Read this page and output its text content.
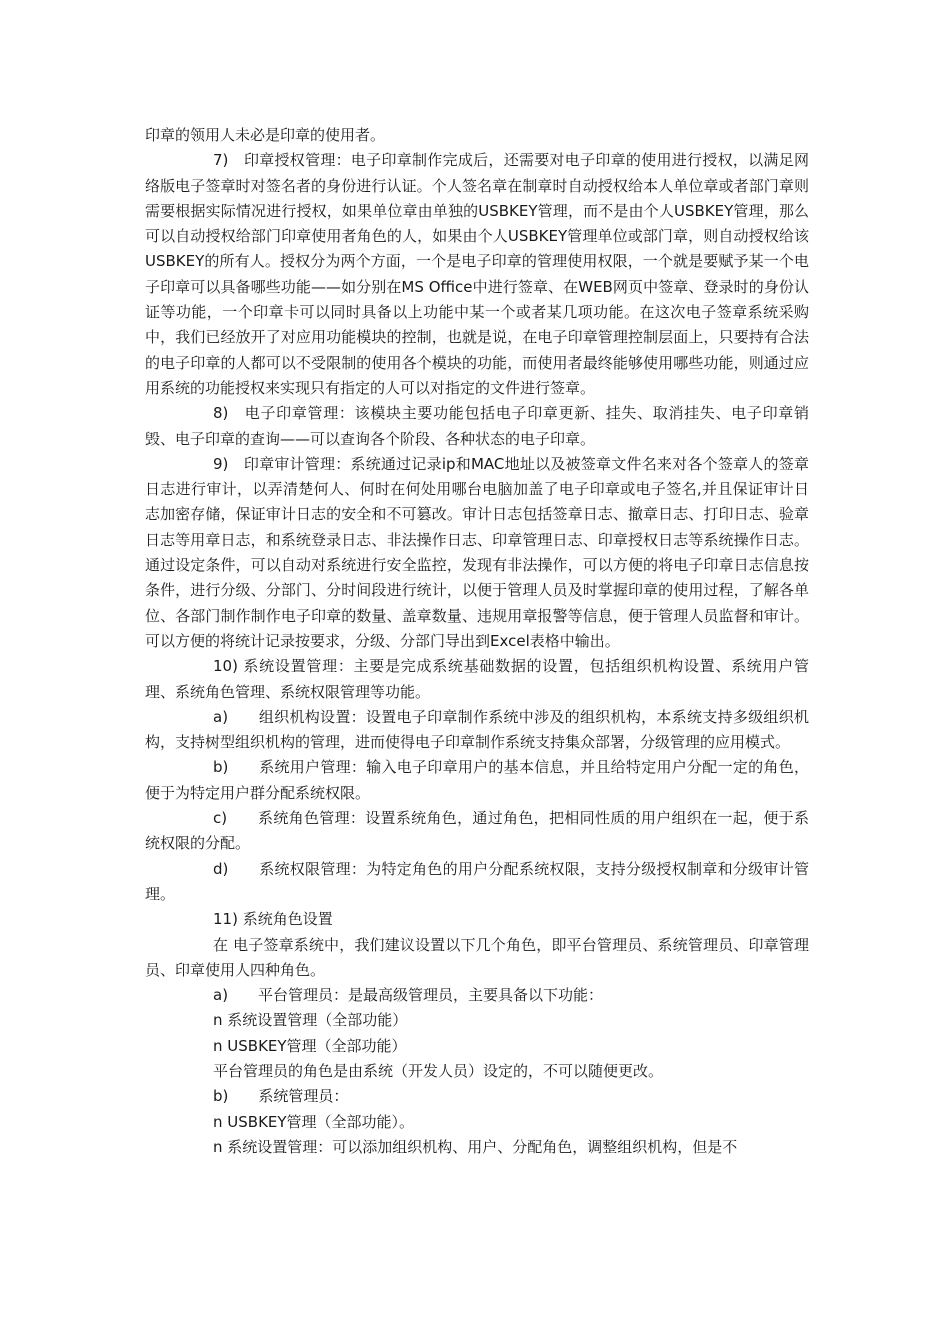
印章的领用人未必是印章的使用者。

7)　印章授权管理：电子印章制作完成后，还需要对电子印章的使用进行授权，以满足网络版电子签章时对签名者的身份进行认证。个人签名章在制章时自动授权给本人单位章或者部门章则需要根据实际情况进行授权，如果单位章由单独的USBKEY管理，而不是由个人USBKEY管理，那么可以自动授权给部门印章使用者角色的人，如果由个人USBKEY管理单位或部门章，则自动授权给该USBKEY的所有人。授权分为两个方面，一个是电子印章的管理使用权限，一个就是要赋予某一个电子印章可以具备哪些功能——如分别在MS Office中进行签章、在WEB网页中签章、登录时的身份认证等功能，一个印章卡可以同时具备以上功能中某一个或者某几项功能。在这次电子签章系统采购中，我们已经放开了对应用功能模块的控制，也就是说，在电子印章管理控制层面上，只要持有合法的电子印章的人都可以不受限制的使用各个模块的功能，而使用者最终能够使用哪些功能，则通过应用系统的功能授权来实现只有指定的人可以对指定的文件进行签章。

8)　电子印章管理：该模块主要功能包括电子印章更新、挂失、取消挂失、电子印章销毁、电子印章的查询——可以查询各个阶段、各种状态的电子印章。

9)　印章审计管理：系统通过记录ip和MAC地址以及被签章文件名来对各个签章人的签章日志进行审计，以弄清楚何人、何时在何处用哪台电脑加盖了电子印章或电子签名,并且保证审计日志加密存储，保证审计日志的安全和不可篡改。审计日志包括签章日志、撤章日志、打印日志、验章日志等用章日志，和系统登录日志、非法操作日志、印章管理日志、印章授权日志等系统操作日志。通过设定条件，可以自动对系统进行安全监控，发现有非法操作，可以方便的将电子印章日志信息按条件，进行分级、分部门、分时间段进行统计，以便于管理人员及时掌握印章的使用过程，了解各单位、各部门制作制作电子印章的数量、盖章数量、违规用章报警等信息，便于管理人员监督和审计。可以方便的将统计记录按要求，分级、分部门导出到Excel表格中输出。

10) 系统设置管理：主要是完成系统基础数据的设置，包括组织机构设置、系统用户管理、系统角色管理、系统权限管理等功能。

a)　　组织机构设置：设置电子印章制作系统中涉及的组织机构，本系统支持多级组织机构，支持树型组织机构的管理，进而使得电子印章制作系统支持集众部署，分级管理的应用模式。

b)　　系统用户管理：输入电子印章用户的基本信息，并且给特定用户分配一定的角色，便于为特定用户群分配系统权限。

c)　　系统角色管理：设置系统角色，通过角色，把相同性质的用户组织在一起，便于系统权限的分配。

d)　　系统权限管理：为特定角色的用户分配系统权限，支持分级授权制章和分级审计管理。

11) 系统角色设置

在 电子签章系统中，我们建议设置以下几个角色，即平台管理员、系统管理员、印章管理员、印章使用人四种角色。

a)　　平台管理员：是最高级管理员，主要具备以下功能：

n 系统设置管理（全部功能）

n USBKEY管理（全部功能）

平台管理员的角色是由系统（开发人员）设定的，不可以随便更改。

b)　　系统管理员：

n USBKEY管理（全部功能）。

n 系统设置管理：可以添加组织机构、用户、分配角色，调整组织机构，但是不
